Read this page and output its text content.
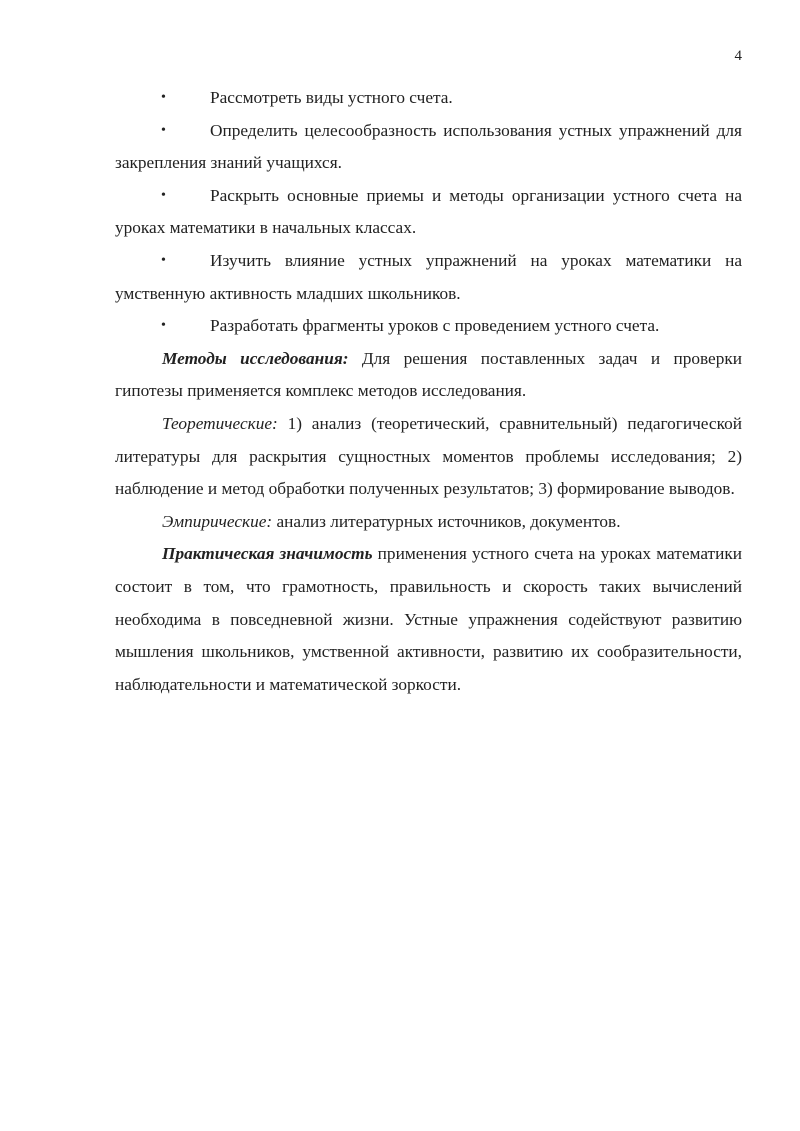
4

•	Рассмотреть виды устного счета.

•	Определить целесообразность использования устных упражнений для закрепления знаний учащихся.

•	Раскрыть основные приемы и методы организации устного счета на уроках математики в начальных классах.

•	Изучить влияние устных упражнений на уроках математики на умственную активность младших школьников.

•	Разработать фрагменты уроков с проведением устного счета.

Методы исследования: Для решения поставленных задач и проверки гипотезы применяется комплекс методов исследования.

Теоретические: 1) анализ (теоретический, сравнительный) педагогической литературы для раскрытия сущностных моментов проблемы исследования; 2) наблюдение и метод обработки полученных результатов; 3) формирование выводов.

Эмпирические: анализ литературных источников, документов.

Практическая значимость применения устного счета на уроках математики состоит в том, что грамотность, правильность и скорость таких вычислений необходима в повседневной жизни. Устные упражнения содействуют развитию мышления школьников, умственной активности, развитию их сообразительности, наблюдательности и математической зоркости.
